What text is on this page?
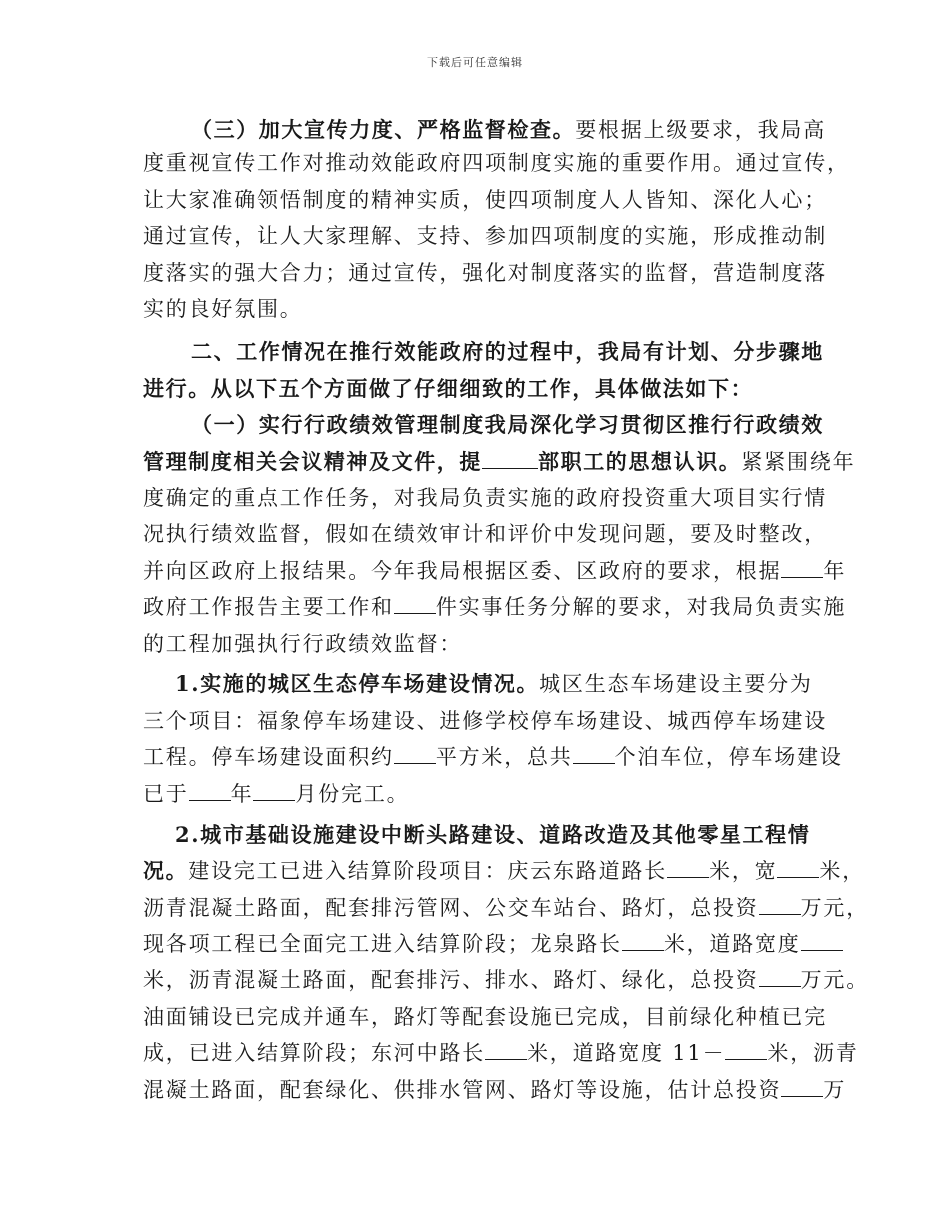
下载后可任意编辑
（三）加大宣传力度、严格监督检查。要根据上级要求，我局高
度重视宣传工作对推动效能政府四项制度实施的重要作用。通过宣传，
让大家准确领悟制度的精神实质，使四项制度人人皆知、深化人心；
通过宣传，让人大家理解、支持、参加四项制度的实施，形成推动制
度落实的强大合力；通过宣传，强化对制度落实的监督，营造制度落
实的良好氛围。
二、工作情况在推行效能政府的过程中，我局有计划、分步骤地
进行。从以下五个方面做了仔细细致的工作，具体做法如下：
（一）实行行政绩效管理制度我局深化学习贯彻区推行行政绩效
管理制度相关会议精神及文件，提	部职工的思想认识。紧紧围绕年
度确定的重点工作任务，对我局负责实施的政府投资重大项目实行情
况执行绩效监督，假如在绩效审计和评价中发现问题，要及时整改，
并向区政府上报结果。今年我局根据区委、区政府的要求，根据 年
政府工作报告主要工作和 件实事任务分解的要求，对我局负责实施
的工程加强执行行政绩效监督：
1.实施的城区生态停车场建设情况。城区生态车场建设主要分为
三个项目：福象停车场建设、进修学校停车场建设、城西停车场建设
工程。停车场建设面积约 平方米，总共 个泊车位，停车场建设
已于 年 月份完工。
2.城市基础设施建设中断头路建设、道路改造及其他零星工程情
况。建设完工已进入结算阶段项目：庆云东路道路长 米，宽 米，
沥青混凝土路面，配套排污管网、公交车站台、路灯，总投资 万元，
现各项工程已全面完工进入结算阶段；龙泉路长 米，道路宽度
米，沥青混凝土路面，配套排污、排水、路灯、绿化，总投资 万元。
油面铺设已完成并通车，路灯等配套设施已完成，目前绿化种植已完
成，已进入结算阶段；东河中路长 米，道路宽度 11－ 米，沥青
混凝土路面，配套绿化、供排水管网、路灯等设施，估计总投资 万
